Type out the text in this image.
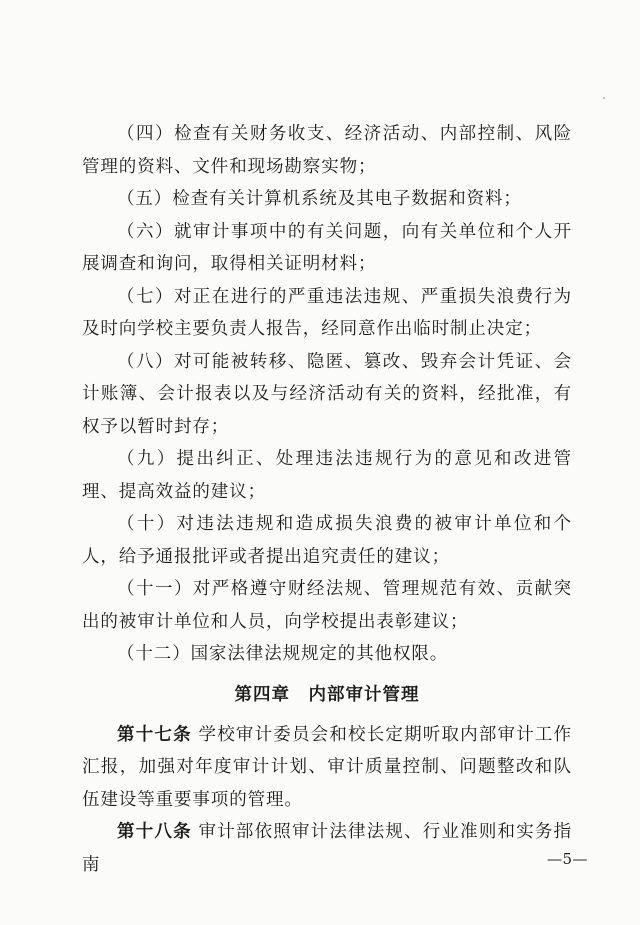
（四）检查有关财务收支、经济活动、内部控制、风险管理的资料、文件和现场勘察实物；

（五）检查有关计算机系统及其电子数据和资料；

（六）就审计事项中的有关问题，向有关单位和个人开展调查和询问，取得相关证明材料；

（七）对正在进行的严重违法违规、严重损失浪费行为及时向学校主要负责人报告，经同意作出临时制止决定；

（八）对可能被转移、隐匿、篡改、毁弃会计凭证、会计账簿、会计报表以及与经济活动有关的资料，经批准，有权予以暂时封存；

（九）提出纠正、处理违法违规行为的意见和改进管理、提高效益的建议；

（十）对违法违规和造成损失浪费的被审计单位和个人，给予通报批评或者提出追究责任的建议；

（十一）对严格遵守财经法规、管理规范有效、贡献突出的被审计单位和人员，向学校提出表彰建议；

（十二）国家法律法规规定的其他权限。

第四章　内部审计管理

第十七条 学校审计委员会和校长定期听取内部审计工作汇报，加强对年度审计计划、审计质量控制、问题整改和队伍建设等重要事项的管理。

第十八条 审计部依照审计法律法规、行业准则和实务指南	—5—
